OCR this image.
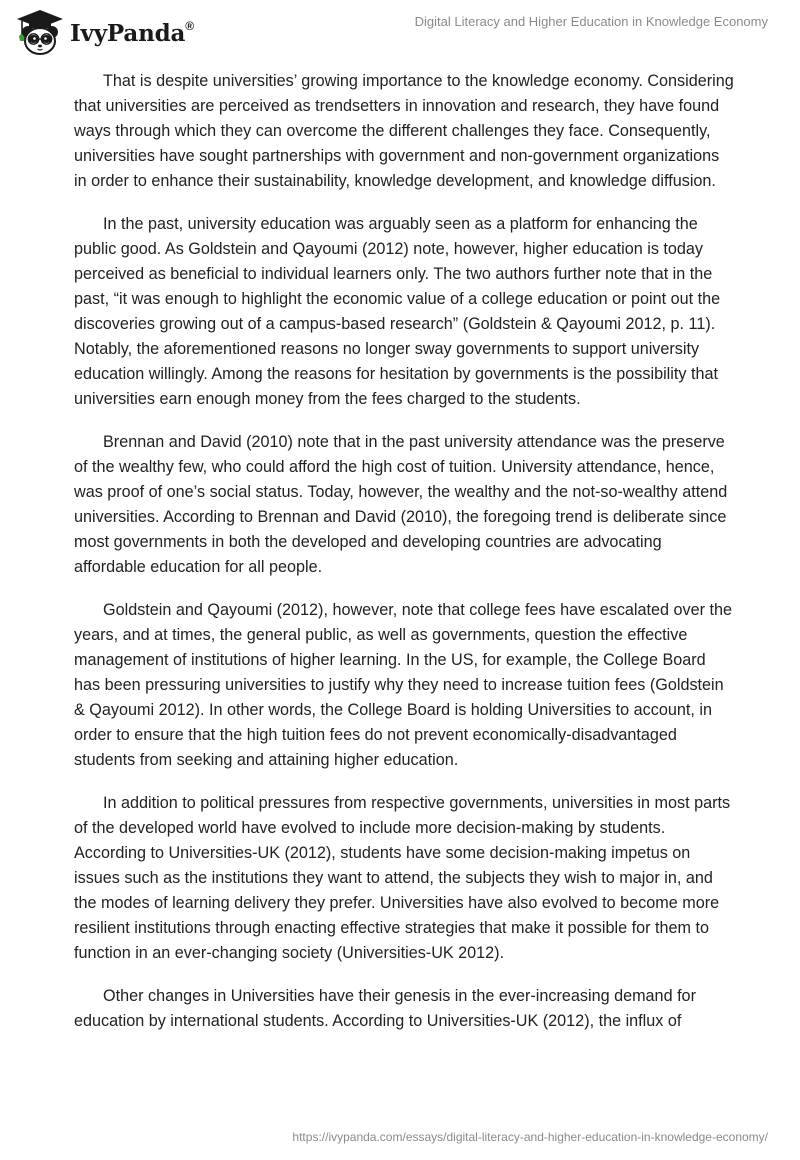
IvyPanda®	Digital Literacy and Higher Education in Knowledge Economy

That is despite universities’ growing importance to the knowledge economy. Considering that universities are perceived as trendsetters in innovation and research, they have found ways through which they can overcome the different challenges they face. Consequently, universities have sought partnerships with government and non-government organizations in order to enhance their sustainability, knowledge development, and knowledge diffusion.

In the past, university education was arguably seen as a platform for enhancing the public good. As Goldstein and Qayoumi (2012) note, however, higher education is today perceived as beneficial to individual learners only. The two authors further note that in the past, “it was enough to highlight the economic value of a college education or point out the discoveries growing out of a campus-based research” (Goldstein & Qayoumi 2012, p. 11). Notably, the aforementioned reasons no longer sway governments to support university education willingly. Among the reasons for hesitation by governments is the possibility that universities earn enough money from the fees charged to the students.

Brennan and David (2010) note that in the past university attendance was the preserve of the wealthy few, who could afford the high cost of tuition. University attendance, hence, was proof of one’s social status. Today, however, the wealthy and the not-so-wealthy attend universities. According to Brennan and David (2010), the foregoing trend is deliberate since most governments in both the developed and developing countries are advocating affordable education for all people.

Goldstein and Qayoumi (2012), however, note that college fees have escalated over the years, and at times, the general public, as well as governments, question the effective management of institutions of higher learning. In the US, for example, the College Board has been pressuring universities to justify why they need to increase tuition fees (Goldstein & Qayoumi 2012). In other words, the College Board is holding Universities to account, in order to ensure that the high tuition fees do not prevent economically-disadvantaged students from seeking and attaining higher education.

In addition to political pressures from respective governments, universities in most parts of the developed world have evolved to include more decision-making by students. According to Universities-UK (2012), students have some decision-making impetus on issues such as the institutions they want to attend, the subjects they wish to major in, and the modes of learning delivery they prefer. Universities have also evolved to become more resilient institutions through enacting effective strategies that make it possible for them to function in an ever-changing society (Universities-UK 2012).

Other changes in Universities have their genesis in the ever-increasing demand for education by international students. According to Universities-UK (2012), the influx of

https://ivypanda.com/essays/digital-literacy-and-higher-education-in-knowledge-economy/
